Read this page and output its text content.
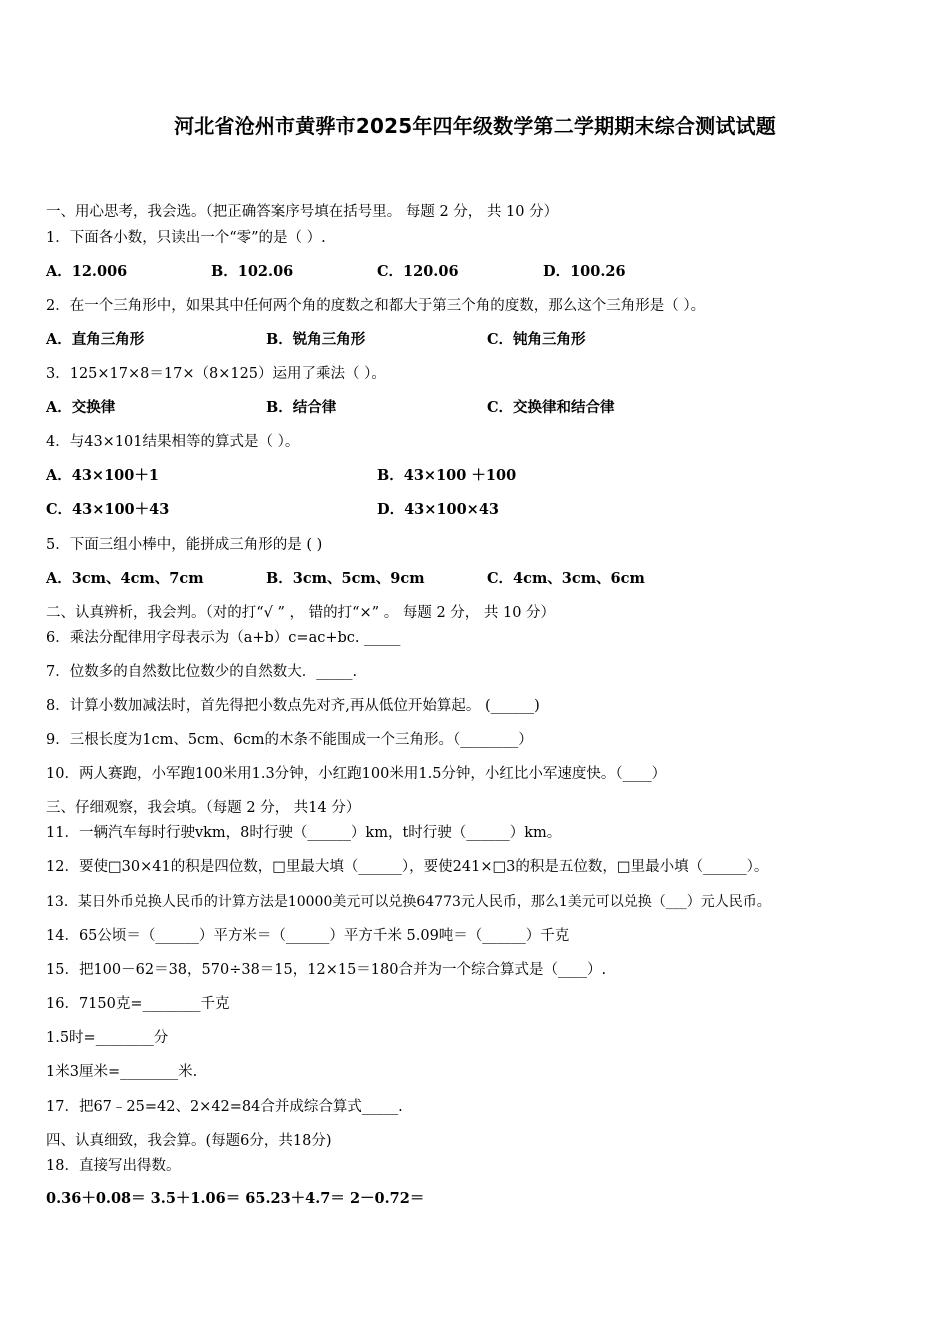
河北省沧州市黄骅市2025年四年级数学第二学期期末综合测试试题
一、用心思考，我会选。（把正确答案序号填在括号里。 每题 2 分， 共 10 分）
1．下面各小数，只读出一个“零”的是（ ）.
A．12.006	B．102.06	C．120.06	D．100.26
2．在一个三角形中，如果其中任何两个角的度数之和都大于第三个角的度数，那么这个三角形是（ ）。
A．直角三角形	B．锐角三角形	C．钝角三角形
3．125×17×8＝17×（8×125）运用了乘法（ ）。
A．交换律	B．结合律	C．交换律和结合律
4．与43×101结果相等的算式是（ ）。
A．43×100＋1	B．43×100 ＋100
C．43×100＋43	D．43×100×43
5．下面三组小棒中，能拼成三角形的是 ( )
A．3cm、4cm、7cm	B．3cm、5cm、9cm	C．4cm、3cm、6cm
二、认真辨析，我会判。（对的打“√ ” ， 错的打“×” 。 每题 2 分， 共 10 分）
6．乘法分配律用字母表示为（a+b）c=ac+bc. _____
7．位数多的自然数比位数少的自然数大．_____.
8．计算小数加减法时，首先得把小数点先对齐,再从低位开始算起。 (______)
9．三根长度为1cm、5cm、6cm的木条不能围成一个三角形。（________）
10．两人赛跑，小军跑100米用1.3分钟，小红跑100米用1.5分钟，小红比小军速度快。（____）
三、仔细观察，我会填。（每题 2 分， 共14 分）
11．一辆汽车每时行驶vkm，8时行驶（______）km，t时行驶（______）km。
12．要使□30×41的积是四位数，□里最大填（______），要使241×□3的积是五位数，□里最小填（______）。
13．某日外币兑换人民币的计算方法是10000美元可以兑换64773元人民币，那么1美元可以兑换（___）元人民币。
14．65公顷＝（______）平方米＝（______）平方千米 5.09吨＝（______）千克
15．把100－62＝38，570÷38＝15，12×15＝180合并为一个综合算式是（____）.
16．7150克=________千克
1.5时=________分
1米3厘米=________米.
17．把67﹣25=42、2×42=84合并成综合算式_____.
四、认真细致，我会算。(每题6分，共18分)
18．直接写出得数。
0.36＋0.08＝ 3.5＋1.06＝ 65.23＋4.7＝ 2－0.72＝
